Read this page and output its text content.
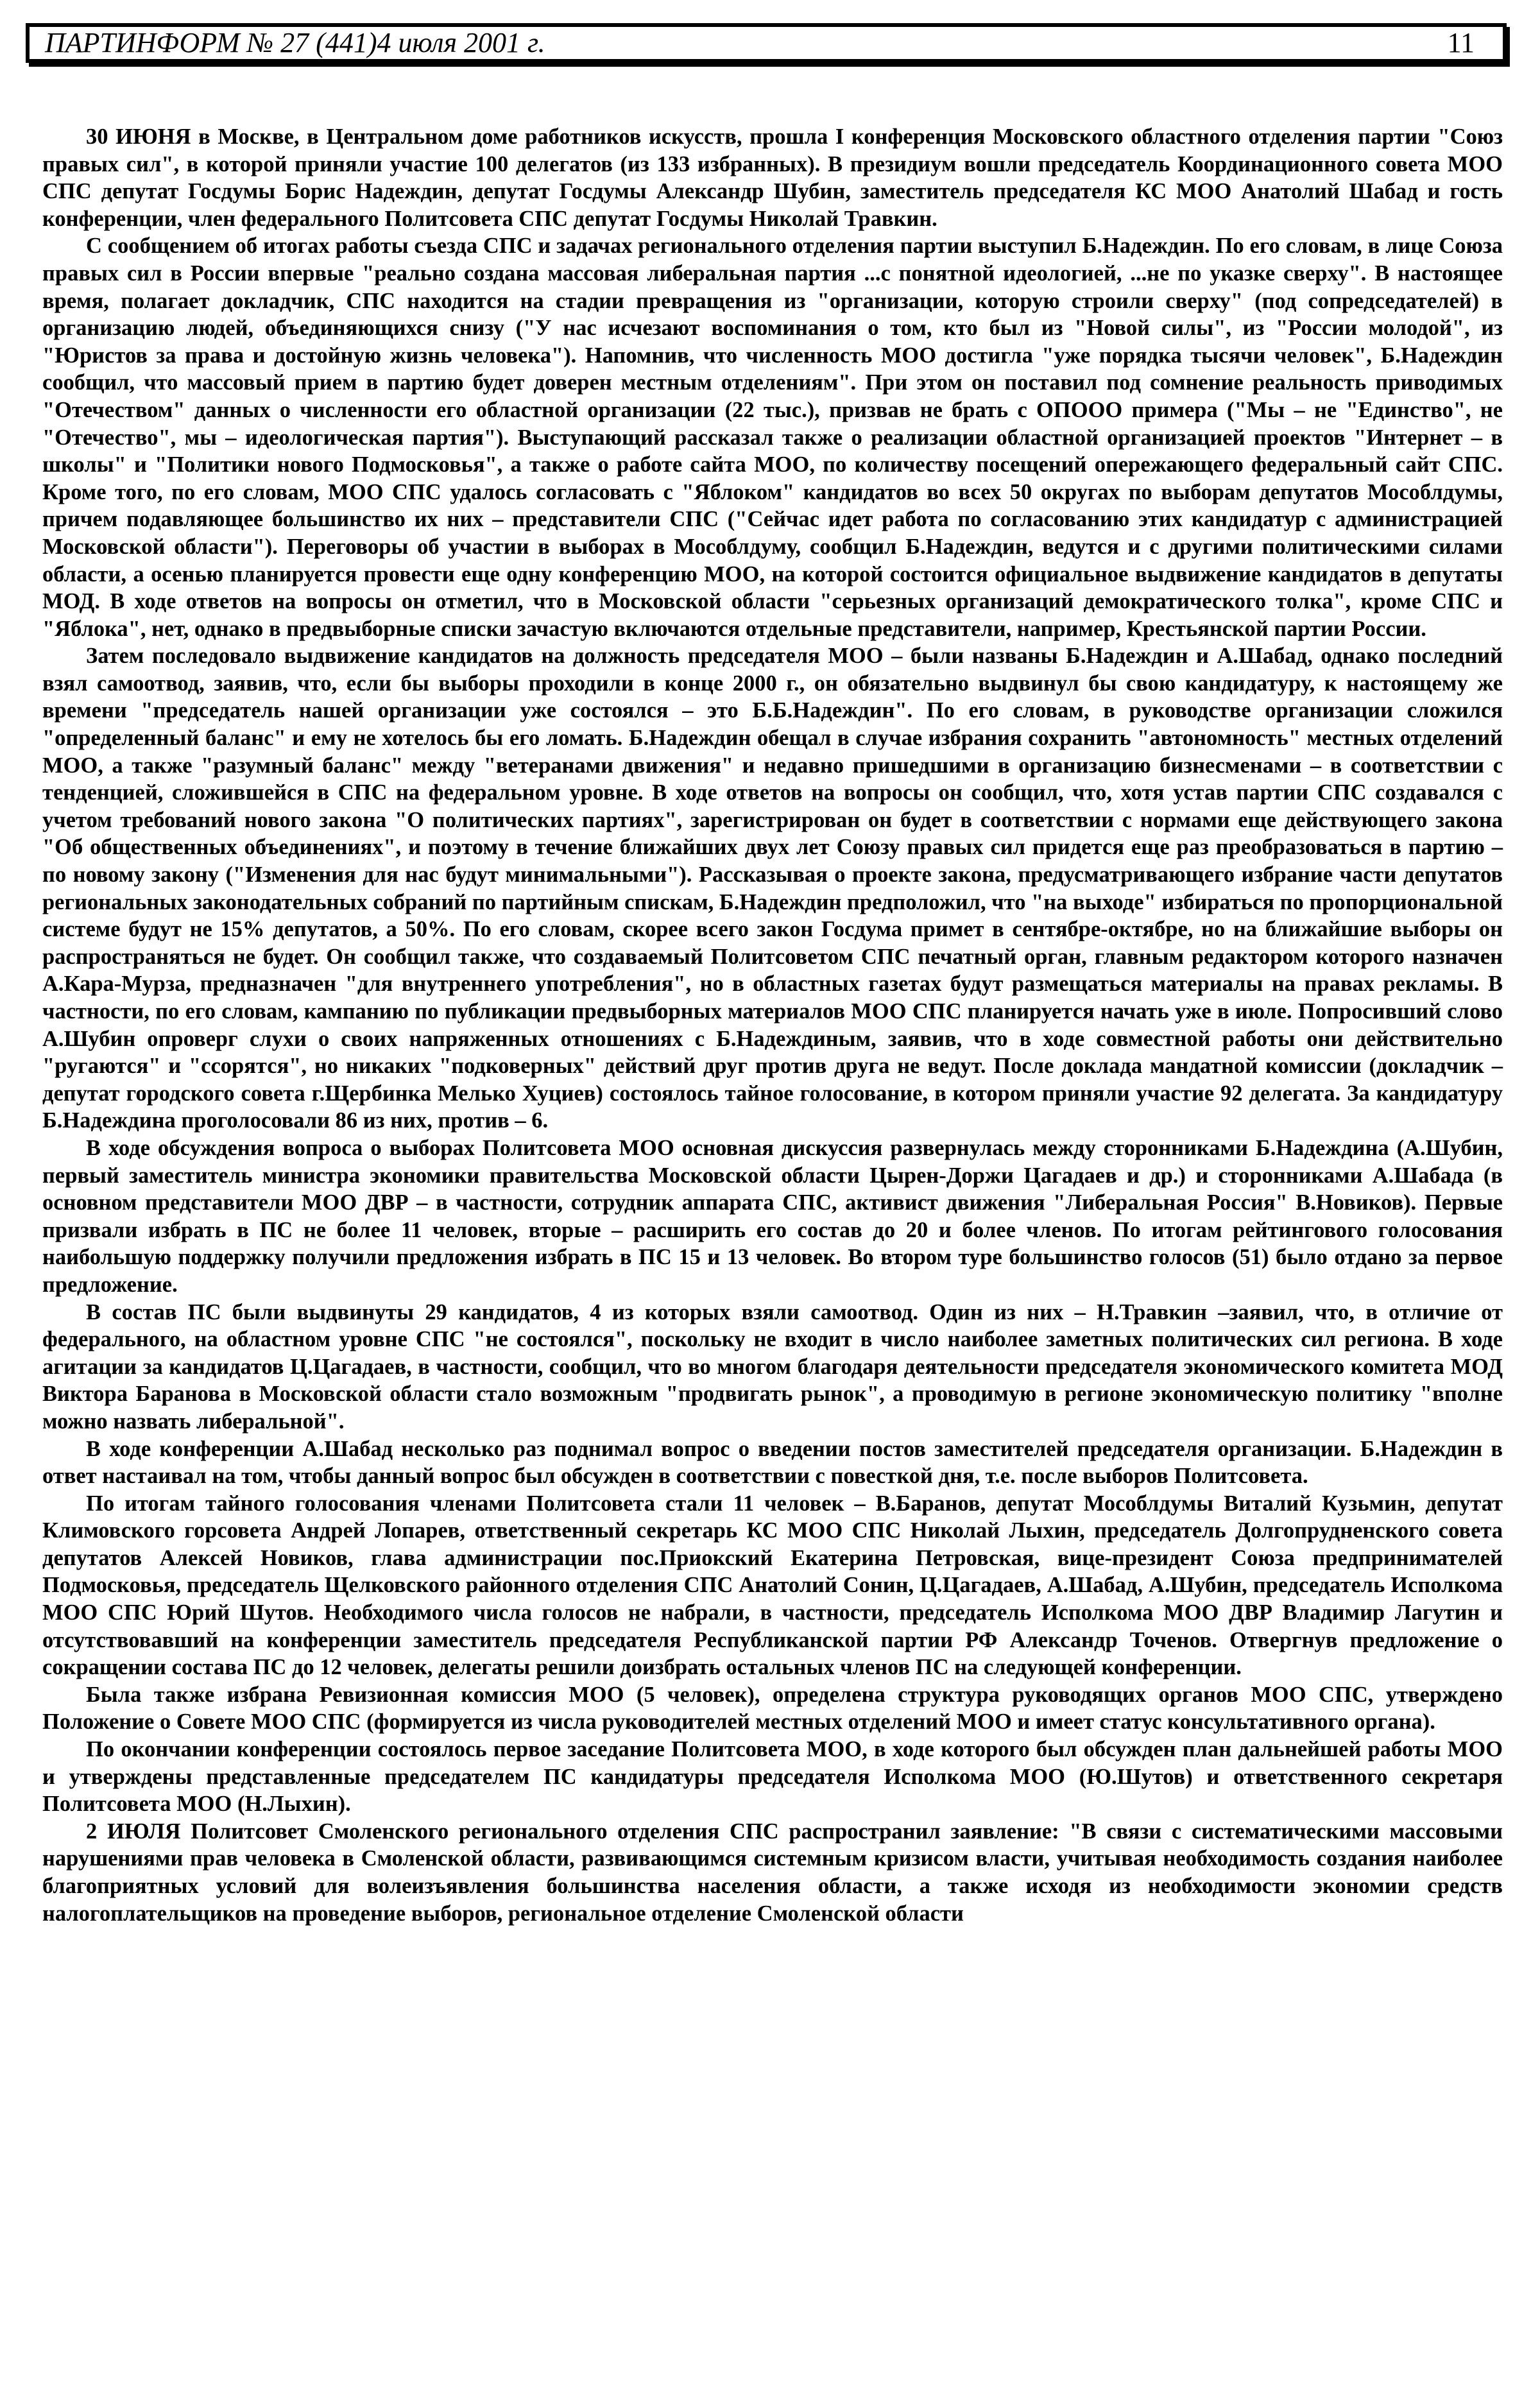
ПАРТИНФОРМ № 27 (441)4 июля 2001 г.	11

30 ИЮНЯ в Москве, в Центральном доме работников искусств, прошла I конференция Московского областного отделения партии "Союз правых сил", в которой приняли участие 100 делегатов (из 133 избранных). В президиум вошли председатель Координационного совета МОО СПС депутат Госдумы Борис Надеждин, депутат Госдумы Александр Шубин, заместитель председателя КС МОО Анатолий Шабад и гость конференции, член федерального Политсовета СПС депутат Госдумы Николай Травкин.

С сообщением об итогах работы съезда СПС и задачах регионального отделения партии выступил Б.Надеждин. По его словам, в лице Союза правых сил в России впервые "реально создана массовая либеральная партия ...с понятной идеологией, ...не по указке сверху". В настоящее время, полагает докладчик, СПС находится на стадии превращения из "организации, которую строили сверху" (под сопредседателей) в организацию людей, объединяющихся снизу ("У нас исчезают воспоминания о том, кто был из "Новой силы", из "России молодой", из "Юристов за права и достойную жизнь человека"). Напомнив, что численность МОО достигла "уже порядка тысячи человек", Б.Надеждин сообщил, что массовый прием в партию будет доверен местным отделениям". При этом он поставил под сомнение реальность приводимых "Отечеством" данных о численности его областной организации (22 тыс.), призвав не брать с ОПООО примера ("Мы – не "Единство", не "Отечество", мы – идеологическая партия"). Выступающий рассказал также о реализации областной организацией проектов "Интернет – в школы" и "Политики нового Подмосковья", а также о работе сайта МОО, по количеству посещений опережающего федеральный сайт СПС. Кроме того, по его словам, МОО СПС удалось согласовать с "Яблоком" кандидатов во всех 50 округах по выборам депутатов Мособлдумы, причем подавляющее большинство их них – представители СПС ("Сейчас идет работа по согласованию этих кандидатур с администрацией Московской области"). Переговоры об участии в выборах в Мособлдуму, сообщил Б.Надеждин, ведутся и с другими политическими силами области, а осенью планируется провести еще одну конференцию МОО, на которой состоится официальное выдвижение кандидатов в депутаты МОД. В ходе ответов на вопросы он отметил, что в Московской области "серьезных организаций демократического толка", кроме СПС и "Яблока", нет, однако в предвыборные списки зачастую включаются отдельные представители, например, Крестьянской партии России.

Затем последовало выдвижение кандидатов на должность председателя МОО – были названы Б.Надеждин и А.Шабад, однако последний взял самоотвод, заявив, что, если бы выборы проходили в конце 2000 г., он обязательно выдвинул бы свою кандидатуру, к настоящему же времени "председатель нашей организации уже состоялся – это Б.Б.Надеждин". По его словам, в руководстве организации сложился "определенный баланс" и ему не хотелось бы его ломать. Б.Надеждин обещал в случае избрания сохранить "автономность" местных отделений МОО, а также "разумный баланс" между "ветеранами движения" и недавно пришедшими в организацию бизнесменами – в соответствии с тенденцией, сложившейся в СПС на федеральном уровне. В ходе ответов на вопросы он сообщил, что, хотя устав партии СПС создавался с учетом требований нового закона "О политических партиях", зарегистрирован он будет в соответствии с нормами еще действующего закона "Об общественных объединениях", и поэтому в течение ближайших двух лет Союзу правых сил придется еще раз преобразоваться в партию – по новому закону ("Изменения для нас будут минимальными"). Рассказывая о проекте закона, предусматривающего избрание части депутатов региональных законодательных собраний по партийным спискам, Б.Надеждин предположил, что "на выходе" избираться по пропорциональной системе будут не 15% депутатов, а 50%. По его словам, скорее всего закон Госдума примет в сентябре-октябре, но на ближайшие выборы он распространяться не будет. Он сообщил также, что создаваемый Политсоветом СПС печатный орган, главным редактором которого назначен А.Кара-Мурза, предназначен "для внутреннего употребления", но в областных газетах будут размещаться материалы на правах рекламы. В частности, по его словам, кампанию по публикации предвыборных материалов МОО СПС планируется начать уже в июле. Попросивший слово А.Шубин опроверг слухи о своих напряженных отношениях с Б.Надеждиным, заявив, что в ходе совместной работы они действительно "ругаются" и "ссорятся", но никаких "подковерных" действий друг против друга не ведут. После доклада мандатной комиссии (докладчик – депутат городского совета г.Щербинка Мелько Хуциев) состоялось тайное голосование, в котором приняли участие 92 делегата. За кандидатуру Б.Надеждина проголосовали 86 из них, против – 6.

В ходе обсуждения вопроса о выборах Политсовета МОО основная дискуссия развернулась между сторонниками Б.Надеждина (А.Шубин, первый заместитель министра экономики правительства Московской области Цырен-Доржи Цагадаев и др.) и сторонниками А.Шабада (в основном представители МОО ДВР – в частности, сотрудник аппарата СПС, активист движения "Либеральная Россия" В.Новиков). Первые призвали избрать в ПС не более 11 человек, вторые – расширить его состав до 20 и более членов. По итогам рейтингового голосования наибольшую поддержку получили предложения избрать в ПС 15 и 13 человек. Во втором туре большинство голосов (51) было отдано за первое предложение.

В состав ПС были выдвинуты 29 кандидатов, 4 из которых взяли самоотвод. Один из них – Н.Травкин –заявил, что, в отличие от федерального, на областном уровне СПС "не состоялся", поскольку не входит в число наиболее заметных политических сил региона. В ходе агитации за кандидатов Ц.Цагадаев, в частности, сообщил, что во многом благодаря деятельности председателя экономического комитета МОД Виктора Баранова в Московской области стало возможным "продвигать рынок", а проводимую в регионе экономическую политику "вполне можно назвать либеральной".

В ходе конференции А.Шабад несколько раз поднимал вопрос о введении постов заместителей председателя организации. Б.Надеждин в ответ настаивал на том, чтобы данный вопрос был обсужден в соответствии с повесткой дня, т.е. после выборов Политсовета.

По итогам тайного голосования членами Политсовета стали 11 человек – В.Баранов, депутат Мособлдумы Виталий Кузьмин, депутат Климовского горсовета Андрей Лопарев, ответственный секретарь КС МОО СПС Николай Лыхин, председатель Долгопрудненского совета депутатов Алексей Новиков, глава администрации пос.Приокский Екатерина Петровская, вице-президент Союза предпринимателей Подмосковья, председатель Щелковского районного отделения СПС Анатолий Сонин, Ц.Цагадаев, А.Шабад, А.Шубин, председатель Исполкома МОО СПС Юрий Шутов. Необходимого числа голосов не набрали, в частности, председатель Исполкома МОО ДВР Владимир Лагутин и отсутствовавший на конференции заместитель председателя Республиканской партии РФ Александр Точенов. Отвергнув предложение о сокращении состава ПС до 12 человек, делегаты решили доизбрать остальных членов ПС на следующей конференции.

Была также избрана Ревизионная комиссия МОО (5 человек), определена структура руководящих органов МОО СПС, утверждено Положение о Совете МОО СПС (формируется из числа руководителей местных отделений МОО и имеет статус консультативного органа).

По окончании конференции состоялось первое заседание Политсовета МОО, в ходе которого был обсужден план дальнейшей работы МОО и утверждены представленные председателем ПС кандидатуры председателя Исполкома МОО (Ю.Шутов) и ответственного секретаря Политсовета МОО (Н.Лыхин).

2 ИЮЛЯ Политсовет Смоленского регионального отделения СПС распространил заявление: "В связи с систематическими массовыми нарушениями прав человека в Смоленской области, развивающимся системным кризисом власти, учитывая необходимость создания наиболее благоприятных условий для волеизъявления большинства населения области, а также исходя из необходимости экономии средств налогоплательщиков на проведение выборов, региональное отделение Смоленской области
